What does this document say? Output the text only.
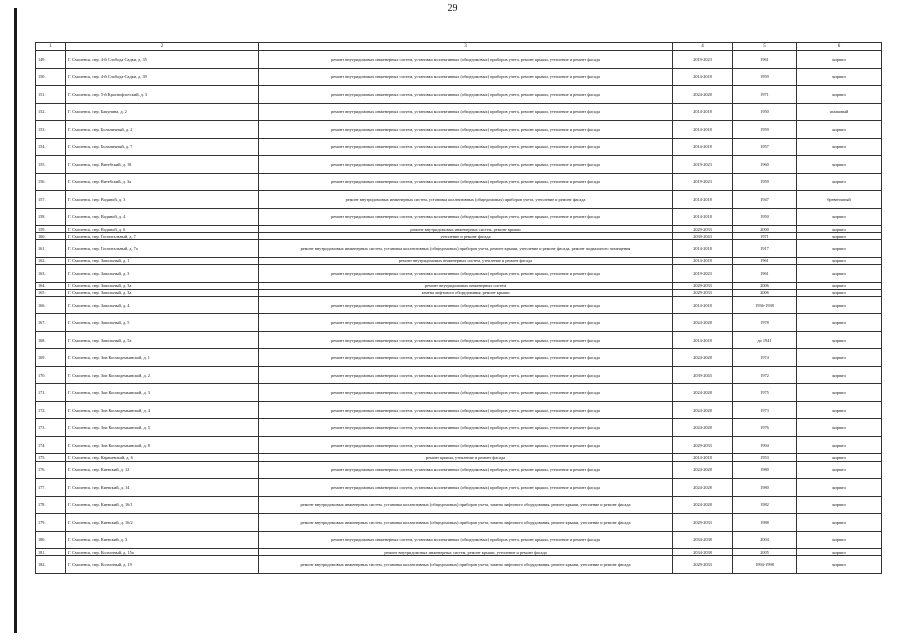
29
1	2	3	4	5	6
149.	Г. Смоленск, пер. 4-й Слобода-Садки, д. 35	ремонт внутридомовых инженерных систем, установка коллективных (общедомовых) приборов учета, ремонт крыши, утепление и ремонт фасада	2019-2023	1961	кирпич
150.	Г. Смоленск, пер. 4-й Слобода-Садки, д. 39	ремонт внутридомовых инженерных систем, установка коллективных (общедомовых) приборов учета, ремонт крыши, утепление и ремонт фасада	2014-2018	1959	кирпич
151.	Г. Смоленск, пер. 5-й Краснофлотский, д. 3	ремонт внутридомовых инженерных систем, установка коллективных (общедомовых) приборов учета, ремонт крыши, утепление и ремонт фасада	2024-2028	1971	кирпич
152.	Г. Смоленск, пер. Бакунина, д. 2	ремонт внутридомовых инженерных систем, установка коллективных (общедомовых) приборов учета, ремонт крыши, утепление и ремонт фасада	2014-2018	1950	шлаковый
153.	Г. Смоленск, пер. Больничный, д. 2	ремонт внутридомовых инженерных систем, установка коллективных (общедомовых) приборов учета, ремонт крыши, утепление и ремонт фасада	2014-2018	1959	кирпич
154.	Г. Смоленск, пер. Больничный, д. 7	ремонт внутридомовых инженерных систем, установка коллективных (общедомовых) приборов учета, ремонт крыши, утепление и ремонт фасада	2014-2018	1957	кирпич
155.	Г. Смоленск, пер. Витебский, д. 18	ремонт внутридомовых инженерных систем, установка коллективных (общедомовых) приборов учета, ремонт крыши, утепление и ремонт фасада	2019-2023	1960	кирпич
156.	Г. Смоленск, пер. Витебский, д. 3а	ремонт внутридомовых инженерных систем, установка коллективных (общедомовых) приборов учета, ремонт крыши, утепление и ремонт фасада	2019-2023	1959	кирпич
157.	Г. Смоленск, пер. Водяной, д. 3	ремонт внутридомовых инженерных систем, установка коллективных (общедомовых) приборов учета, утепление и ремонт фасада	2014-2018	1947	бревенчатый
158.	Г. Смоленск, пер. Водяной, д. 4	ремонт внутридомовых инженерных систем, установка коллективных (общедомовых) приборов учета, ремонт крыши, утепление и ремонт фасада	2014-2018	1950	кирпич
159.	Г. Смоленск, пер. Водяной, д. 6	ремонт внутридомовых инженерных систем, ремонт крыши	2029-2033	2000	кирпич
160.	Г. Смоленск, пер. Госпитальный, д. 7	утепление и ремонт фасада	2039-2043	1971	кирпич
161.	Г. Смоленск, пер. Госпитальный, д. 7а	ремонт внутридомовых инженерных систем, установка коллективных (общедомовых) приборов учета, ремонт крыши, утепление и ремонт фасада, ремонт подвального помещения	2014-2018	1917	кирпич
162.	Г. Смоленск, пер. Запольный, д. 1	ремонт внутридомовых инженерных систем, утепление и ремонт фасада	2014-2018	1961	кирпич
163.	Г. Смоленск, пер. Запольный, д. 3	ремонт внутридомовых инженерных систем, установка коллективных (общедомовых) приборов учета, ремонт крыши, утепление и ремонт фасада	2019-2023	1961	кирпич
164.	Г. Смоленск, пер. Запольный, д. 3а	ремонт внутридомовых инженерных систем	2029-2033	2006	кирпич
165.	Г. Смоленск, пер. Запольный, д. 3а	замена лифтового оборудования, ремонт крыши	2029-2033	2006	кирпич
166.	Г. Смоленск, пер. Запольный, д. 4	ремонт внутридомовых инженерных систем, установка коллективных (общедомовых) приборов учета, ремонт крыши, утепление и ремонт фасада	2014-2018	1936-1938	кирпич
167.	Г. Смоленск, пер. Запольный, д. 5	ремонт внутридомовых инженерных систем, установка коллективных (общедомовых) приборов учета, ремонт крыши, утепление и ремонт фасада	2024-2028	1978	кирпич
168.	Г. Смоленск, пер. Запольный, д. 5а	ремонт внутридомовых инженерных систем, установка коллективных (общедомовых) приборов учета, ремонт крыши, утепление и ремонт фасада	2014-2018	до 1941	кирпич
169.	Г. Смоленск, пер. Зои Космодемьянской, д. 1	ремонт внутридомовых инженерных систем, установка коллективных (общедомовых) приборов учета, ремонт крыши, утепление и ремонт фасада	2024-2028	1974	кирпич
170.	Г. Смоленск, пер. Зои Космодемьянской, д. 2	ремонт внутридомовых инженерных систем, установка коллективных (общедомовых) приборов учета, ремонт крыши, утепление и ремонт фасада	2039-2043	1972	кирпич
171.	Г. Смоленск, пер. Зои Космодемьянской, д. 3	ремонт внутридомовых инженерных систем, установка коллективных (общедомовых) приборов учета, ремонт крыши, утепление и ремонт фасада	2024-2028	1975	кирпич
172.	Г. Смоленск, пер. Зои Космодемьянской, д. 4	ремонт внутридомовых инженерных систем, установка коллективных (общедомовых) приборов учета, ремонт крыши, утепление и ремонт фасада	2024-2028	1973	кирпич
173.	Г. Смоленск, пер. Зои Космодемьянской, д. 5	ремонт внутридомовых инженерных систем, установка коллективных (общедомовых) приборов учета, ремонт крыши, утепление и ремонт фасада	2024-2028	1976	кирпич
174.	Г. Смоленск, пер. Зои Космодемьянской, д. 8	ремонт внутридомовых инженерных систем, установка коллективных (общедомовых) приборов учета, ремонт крыши, утепление и ремонт фасада	2029-2033	1994	кирпич
175.	Г. Смоленск, пер. Карачевский, д. 6	ремонт крыши, утепление и ремонт фасада	2014-2018	1953	кирпич
176.	Г. Смоленск, пер. Киевский, д. 12	ремонт внутридомовых инженерных систем, установка коллективных (общедомовых) приборов учета, ремонт крыши, утепление и ремонт фасада	2024-2028	1980	кирпич
177.	Г. Смоленск, пер. Киевский, д. 14	ремонт внутридомовых инженерных систем, установка коллективных (общедомовых) приборов учета, ремонт крыши, утепление и ремонт фасада	2024-2028	1980	кирпич
178.	Г. Смоленск, пер. Киевский, д. 16/1	ремонт внутридомовых инженерных систем, установка коллективных (общедомовых) приборов учета, замена лифтового оборудования, ремонт крыши, утепление и ремонт фасада	2024-2028	1982	кирпич
179.	Г. Смоленск, пер. Киевский, д. 16/2	ремонт внутридомовых инженерных систем, установка коллективных (общедомовых) приборов учета, замена лифтового оборудования, ремонт крыши, утепление и ремонт фасада	2029-2033	1988	кирпич
180.	Г. Смоленск, пер. Киевский, д. 3	ремонт внутридомовых инженерных систем, установка коллективных (общедомовых) приборов учета, ремонт крыши, утепление и ремонт фасада	2034-2038	2004	кирпич
181.	Г. Смоленск, пер. Колхозный, д. 15а	ремонт внутридомовых инженерных систем, ремонт крыши, утепление и ремонт фасада	2034-2038	2005	кирпич
182.	Г. Смоленск, пер. Колхозный, д. 19	ремонт внутридомовых инженерных систем, установка коллективных (общедомовых) приборов учета, замена лифтового оборудования, ремонт крыши, утепление и ремонт фасада	2029-2033	1994-1998	кирпич
